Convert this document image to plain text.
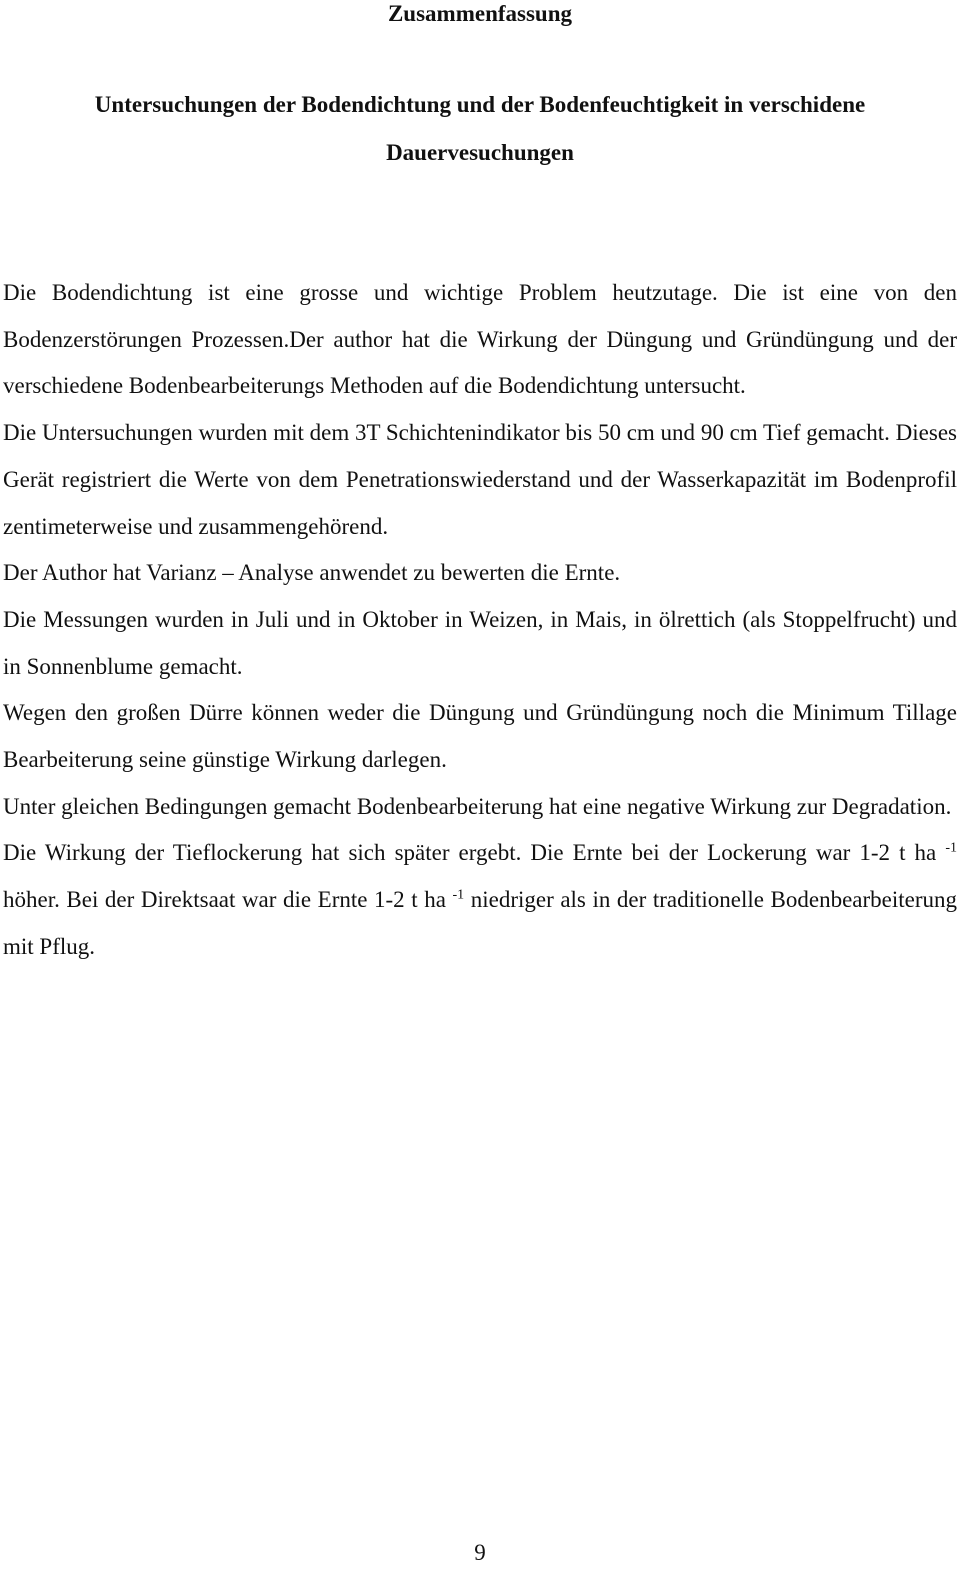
Zusammenfassung
Untersuchungen der Bodendichtung und der Bodenfeuchtigkeit in verschidene
Dauervesuchungen

Die Bodendichtung ist eine grosse und wichtige Problem heutzutage. Die ist eine von den Bodenzerstörungen Prozessen.Der author hat die Wirkung der Düngung und Gründüngung und der verschiedene Bodenbearbeiterungs Methoden auf die Bodendichtung untersucht.

Die Untersuchungen wurden mit dem 3T Schichtenindikator bis 50 cm und 90 cm Tief gemacht. Dieses Gerät registriert die Werte von dem Penetrationswiederstand und der Wasserkapazität im Bodenprofil zentimeterweise und zusammengehörend.

Der Author hat Varianz – Analyse anwendet zu bewerten die Ernte.

Die Messungen wurden in Juli und in Oktober in Weizen, in Mais, in ölrettich (als Stoppelfrucht) und in Sonnenblume gemacht.

Wegen den großen Dürre können weder die Düngung und Gründüngung noch die Minimum Tillage Bearbeiterung seine günstige Wirkung darlegen.

Unter gleichen Bedingungen gemacht Bodenbearbeiterung hat eine negative Wirkung zur Degradation.

Die Wirkung der Tieflockerung hat sich später ergebt. Die Ernte bei der Lockerung war 1-2 t ha $^{-1}$ höher. Bei der Direktsaat war die Ernte 1-2 t ha $^{-1}$ niedriger als in der traditionelle Bodenbearbeiterung mit Pflug.

9
